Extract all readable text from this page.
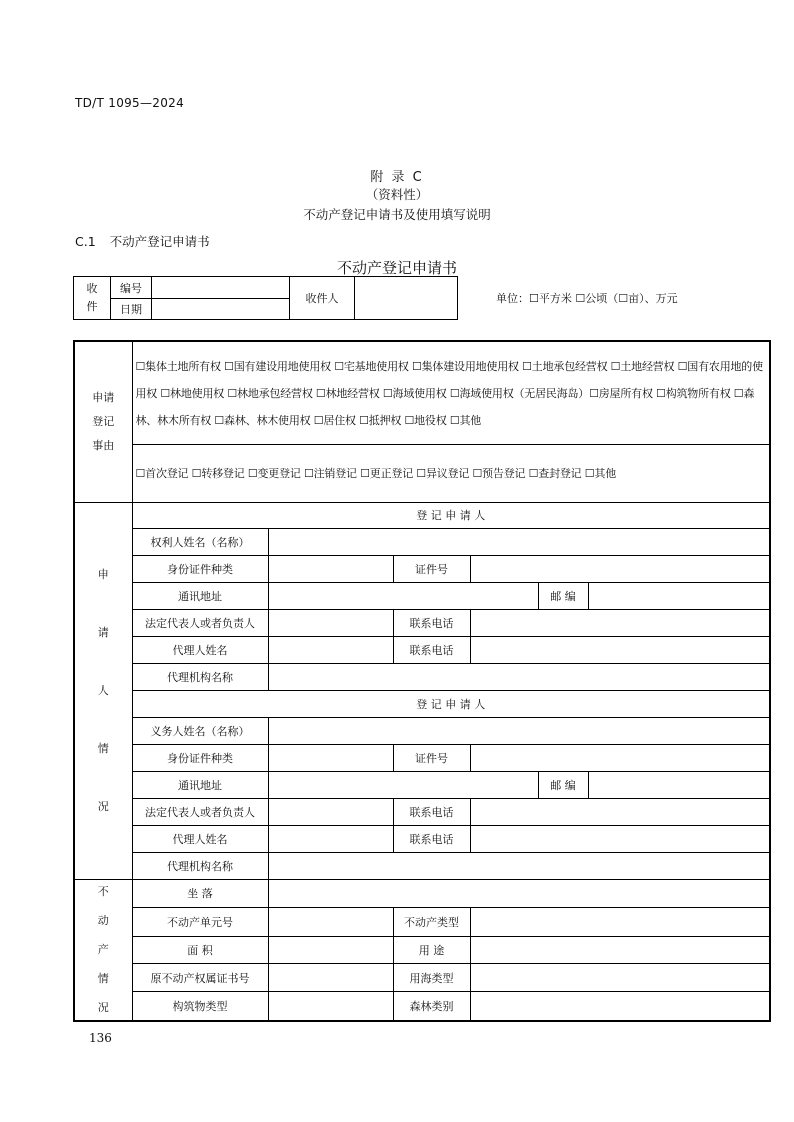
TD/T 1095—2024
附 录 C
（资料性）
不动产登记申请书及使用填写说明
C.1 不动产登记申请书
不动产登记申请书
收件	编号		收件人	
	日期			
单位：☐平方米 ☐公顷（☐亩）、万元
申请登记事由	☐集体土地所有权 ☐国有建设用地使用权 ☐宅基地使用权 ☐集体建设用地使用权 ☐土地承包经营权 ☐土地经营权 ☐国有农用地的使用权 ☐林地使用权 ☐林地承包经营权 ☐林地经营权 ☐海域使用权 ☐海域使用权（无居民海岛）☐房屋所有权 ☐构筑物所有权 ☐森林、林木所有权 ☐森林、林木使用权 ☐居住权 ☐抵押权 ☐地役权 ☐其他					
	☐首次登记 ☐转移登记 ☐变更登记 ☐注销登记 ☐更正登记 ☐异议登记 ☐预告登记 ☐查封登记 ☐其他					
申
请
人
情
况	登 记 申 请 人					
	权利人姓名（名称）					
	身份证件种类		证件号			
	通讯地址				邮 编	
	法定代表人或者负责人		联系电话			
	代理人姓名		联系电话			
	代理机构名称					
	登 记 申 请 人					
	义务人姓名（名称）					
	身份证件种类		证件号			
	通讯地址				邮 编	
	法定代表人或者负责人		联系电话			
	代理人姓名		联系电话			
	代理机构名称					
不
动
产
情
况	坐 落					
	不动产单元号		不动产类型			
	面 积		用 途			
	原不动产权属证书号		用海类型			
	构筑物类型		森林类别			
136
